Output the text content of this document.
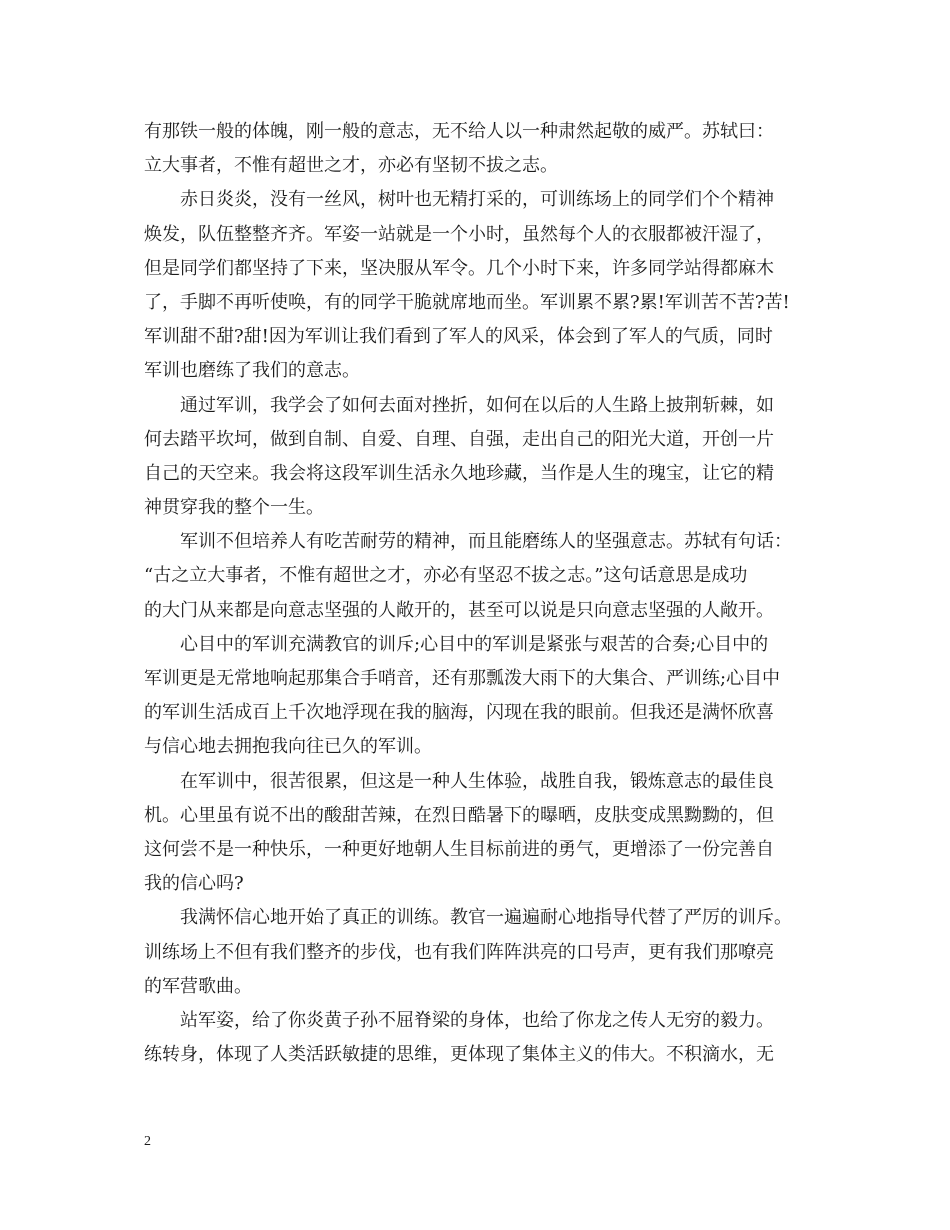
有那铁一般的体魄，刚一般的意志，无不给人以一种肃然起敬的威严。苏轼曰：
立大事者，不惟有超世之才，亦必有坚韧不拔之志。
赤日炎炎，没有一丝风，树叶也无精打采的，可训练场上的同学们个个精神
焕发，队伍整整齐齐。军姿一站就是一个小时，虽然每个人的衣服都被汗湿了，
但是同学们都坚持了下来，坚决服从军令。几个小时下来，许多同学站得都麻木
了，手脚不再听使唤，有的同学干脆就席地而坐。军训累不累?累!军训苦不苦?苦!
军训甜不甜?甜!因为军训让我们看到了军人的风采，体会到了军人的气质，同时
军训也磨练了我们的意志。
通过军训，我学会了如何去面对挫折，如何在以后的人生路上披荆斩棘，如
何去踏平坎坷，做到自制、自爱、自理、自强，走出自己的阳光大道，开创一片
自己的天空来。我会将这段军训生活永久地珍藏，当作是人生的瑰宝，让它的精
神贯穿我的整个一生。
军训不但培养人有吃苦耐劳的精神，而且能磨练人的坚强意志。苏轼有句话：
“古之立大事者，不惟有超世之才，亦必有坚忍不拔之志。”这句话意思是成功
的大门从来都是向意志坚强的人敞开的，甚至可以说是只向意志坚强的人敞开。
心目中的军训充满教官的训斥;心目中的军训是紧张与艰苦的合奏;心目中的
军训更是无常地响起那集合手哨音，还有那瓢泼大雨下的大集合、严训练;心目中
的军训生活成百上千次地浮现在我的脑海，闪现在我的眼前。但我还是满怀欣喜
与信心地去拥抱我向往已久的军训。
在军训中，很苦很累，但这是一种人生体验，战胜自我，锻炼意志的最佳良
机。心里虽有说不出的酸甜苦辣，在烈日酷暑下的曝晒，皮肤变成黑黝黝的，但
这何尝不是一种快乐，一种更好地朝人生目标前进的勇气，更增添了一份完善自
我的信心吗?
我满怀信心地开始了真正的训练。教官一遍遍耐心地指导代替了严厉的训斥。
训练场上不但有我们整齐的步伐，也有我们阵阵洪亮的口号声，更有我们那嘹亮
的军营歌曲。
站军姿，给了你炎黄子孙不屈脊梁的身体，也给了你龙之传人无穷的毅力。
练转身，体现了人类活跃敏捷的思维，更体现了集体主义的伟大。不积滴水，无
2
